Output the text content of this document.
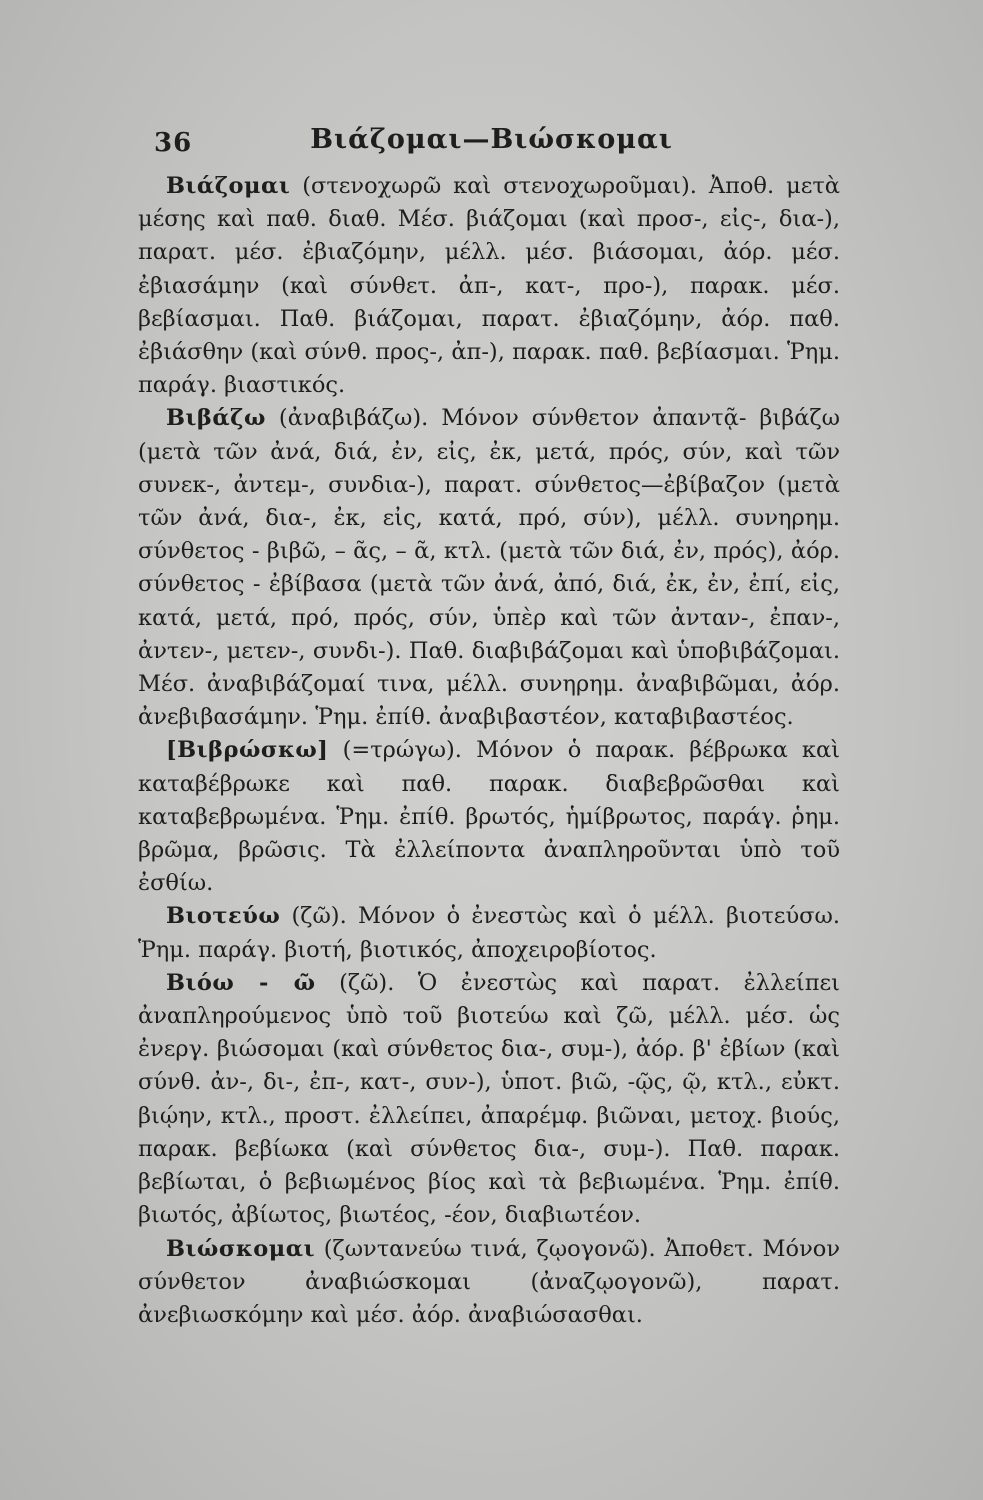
36	Βιάζομαι—Βιώσκομαι

Βιάζομαι (στενοχωρῶ καὶ στενοχωροῦμαι). Ἀποθ. μετὰ μέσης καὶ παθ. διαθ. Μέσ. βιάζομαι (καὶ προσ-, εἰς-, δια-), παρατ. μέσ. ἐβιαζόμην, μέλλ. μέσ. βιάσομαι, ἀόρ. μέσ. ἐβιασάμην (καὶ σύνθετ. ἀπ-, κατ-, προ-), παρακ. μέσ. βεβίασμαι. Παθ. βιάζομαι, παρατ. ἐβιαζόμην, ἀόρ. παθ. ἐβιάσθην (καὶ σύνθ. προς-, ἀπ-), παρακ. παθ. βεβίασμαι. Ῥημ. παράγ. βιαστικός.

Βιβάζω (ἀναβιβάζω). Μόνον σύνθετον ἀπαντᾷ- βιβάζω (μετὰ τῶν ἀνά, διά, ἐν, εἰς, ἐκ, μετά, πρός, σύν, καὶ τῶν συνεκ-, ἀντεμ-, συνδια-), παρατ. σύνθετος—ἐβίβαζον (μετὰ τῶν ἀνά, δια-, ἐκ, εἰς, κατά, πρό, σύν), μέλλ. συνηρημ. σύνθετος - βιβῶ, – ᾶς, – ᾶ, κτλ. (μετὰ τῶν διά, ἐν, πρός), ἀόρ. σύνθετος - ἐβίβασα (μετὰ τῶν ἀνά, ἀπό, διά, ἐκ, ἐν, ἐπί, εἰς, κατά, μετά, πρό, πρός, σύν, ὑπὲρ καὶ τῶν ἀνταν-, ἐπαν-, ἀντεν-, μετεν-, συνδι-). Παθ. διαβιβάζομαι καὶ ὑποβιβάζομαι. Μέσ. ἀναβιβάζομαί τινα, μέλλ. συνηρημ. ἀναβιβῶμαι, ἀόρ. ἀνεβιβασάμην. Ῥημ. ἐπίθ. ἀναβιβαστέον, καταβιβαστέος.

[Βιβρώσκω] (=τρώγω). Μόνον ὁ παρακ. βέβρωκα καὶ καταβέβρωκε καὶ παθ. παρακ. διαβεβρῶσθαι καὶ καταβεβρωμένα. Ῥημ. ἐπίθ. βρωτός, ἡμίβρωτος, παράγ. ῥημ. βρῶμα, βρῶσις. Τὰ ἐλλείποντα ἀναπληροῦνται ὑπὸ τοῦ ἐσθίω.

Βιοτεύω (ζῶ). Μόνον ὁ ἐνεστὼς καὶ ὁ μέλλ. βιοτεύσω. Ῥημ. παράγ. βιοτή, βιοτικός, ἀποχειροβίοτος.

Βιόω - ῶ (ζῶ). Ὁ ἐνεστὼς καὶ παρατ. ἐλλείπει ἀναπληρούμενος ὑπὸ τοῦ βιοτεύω καὶ ζῶ, μέλλ. μέσ. ὡς ἐνεργ. βιώσομαι (καὶ σύνθετος δια-, συμ-), ἀόρ. β' ἐβίων (καὶ σύνθ. ἀν-, δι-, ἐπ-, κατ-, συν-), ὑποτ. βιῶ, -ῷς, ῷ, κτλ., εὐκτ. βιῴην, κτλ., προστ. ἐλλείπει, ἀπαρέμφ. βιῶναι, μετοχ. βιούς, παρακ. βεβίωκα (καὶ σύνθετος δια-, συμ-). Παθ. παρακ. βεβίωται, ὁ βεβιωμένος βίος καὶ τὰ βεβιωμένα. Ῥημ. ἐπίθ. βιωτός, ἀβίωτος, βιωτέος, -έον, διαβιωτέον.

Βιώσκομαι (ζωντανεύω τινά, ζῳογονῶ). Ἀποθετ. Μόνον σύνθετον ἀναβιώσκομαι (ἀναζῳογονῶ), παρατ. ἀνεβιωσκόμην καὶ μέσ. ἀόρ. ἀναβιώσασθαι.
